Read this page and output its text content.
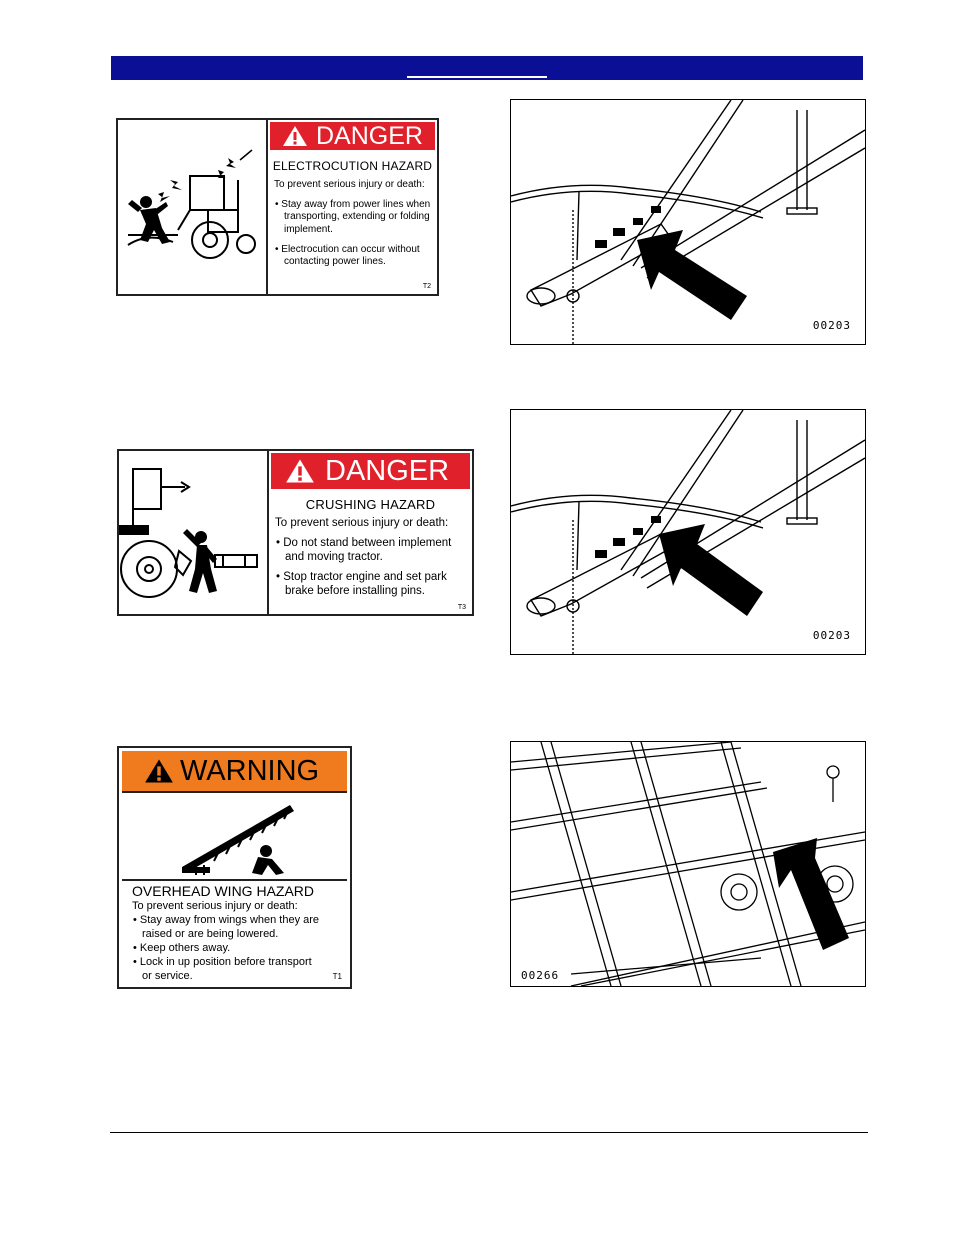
DANGER
ELECTROCUTION HAZARD

To prevent serious injury or death:

• Stay away from power lines when transporting, extending or folding implement.

• Electrocution can occur without contacting power lines.

T2
DANGER
CRUSHING HAZARD

To prevent serious injury or death:

• Do not stand between implement and moving tractor.

• Stop tractor engine and set park brake before installing pins.

T3
WARNING
OVERHEAD WING HAZARD

To prevent serious injury or death:

• Stay away from wings when they are raised or are being lowered.

• Keep others away.

• Lock in up position before transport or service.	T1
00203
00203
00266
